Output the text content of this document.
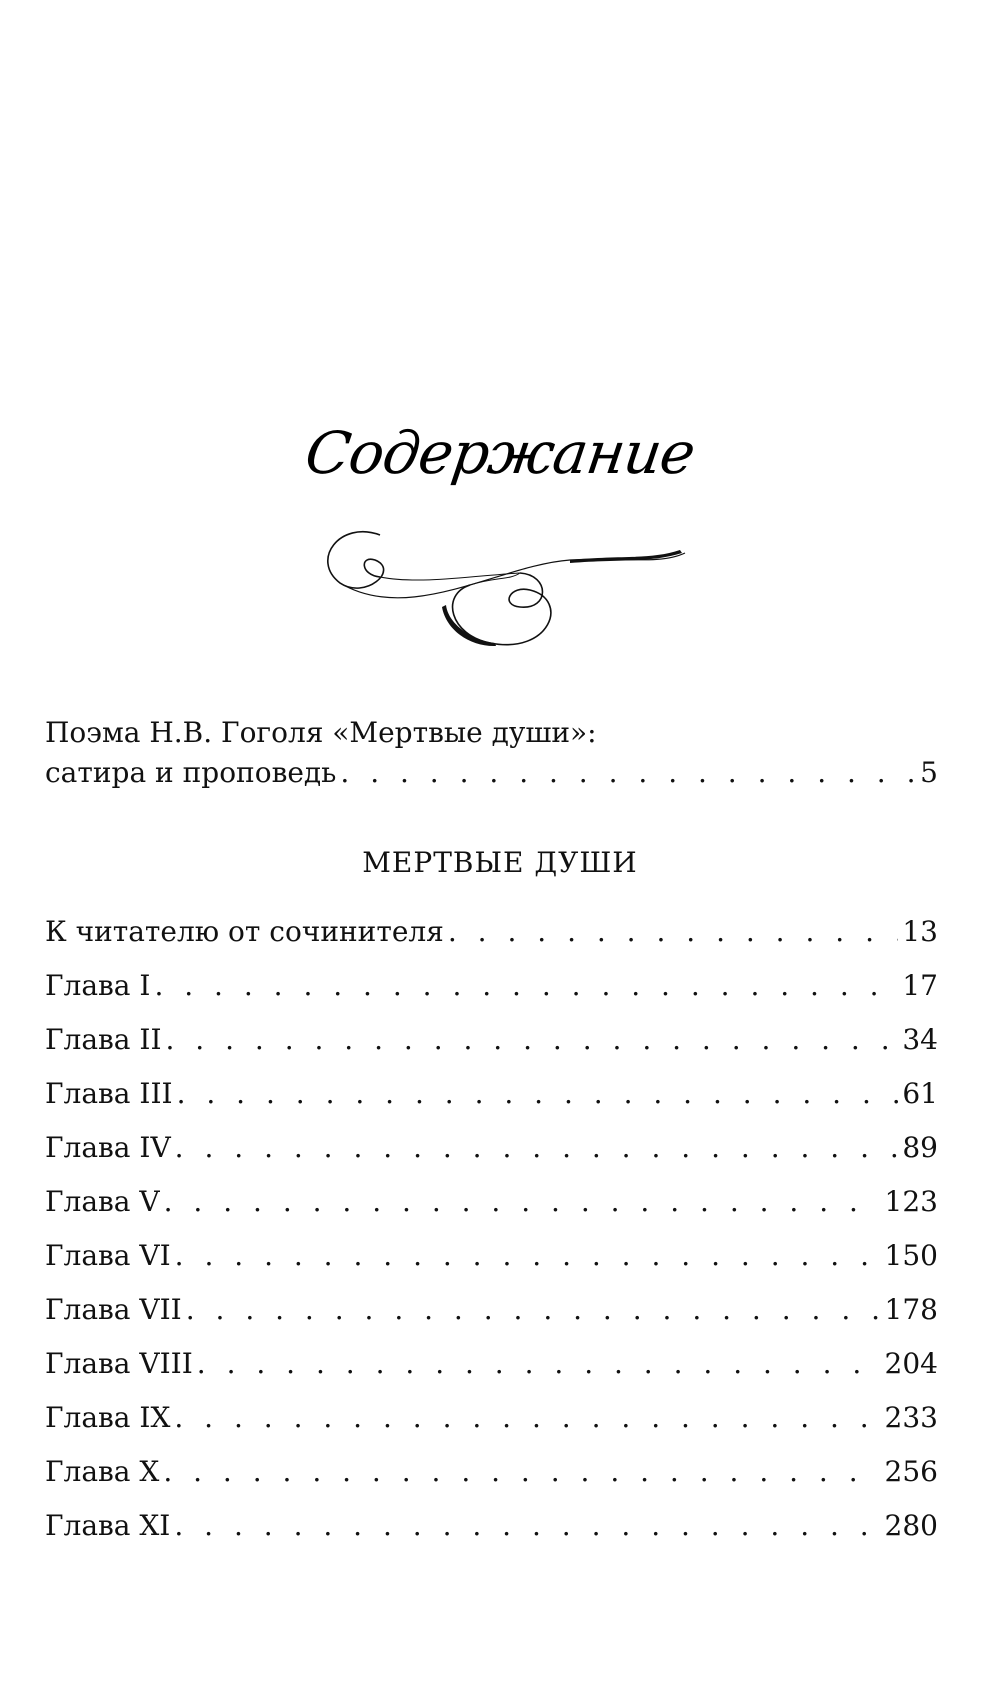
Содержание
Поэма Н.В. Гоголя «Мертвые души»:
сатира и проповедь . . .	5
МЕРТВЫЕ ДУШИ
К читателю от сочинителя . . .	13
Глава I . . .	17
Глава II . . .	34
Глава III . . .	61
Глава IV . . .	89
Глава V . . .	123
Глава VI . . .	150
Глава VII . . .	178
Глава VIII . . .	204
Глава IX . . .	233
Глава X . . .	256
Глава XI . . .	280
